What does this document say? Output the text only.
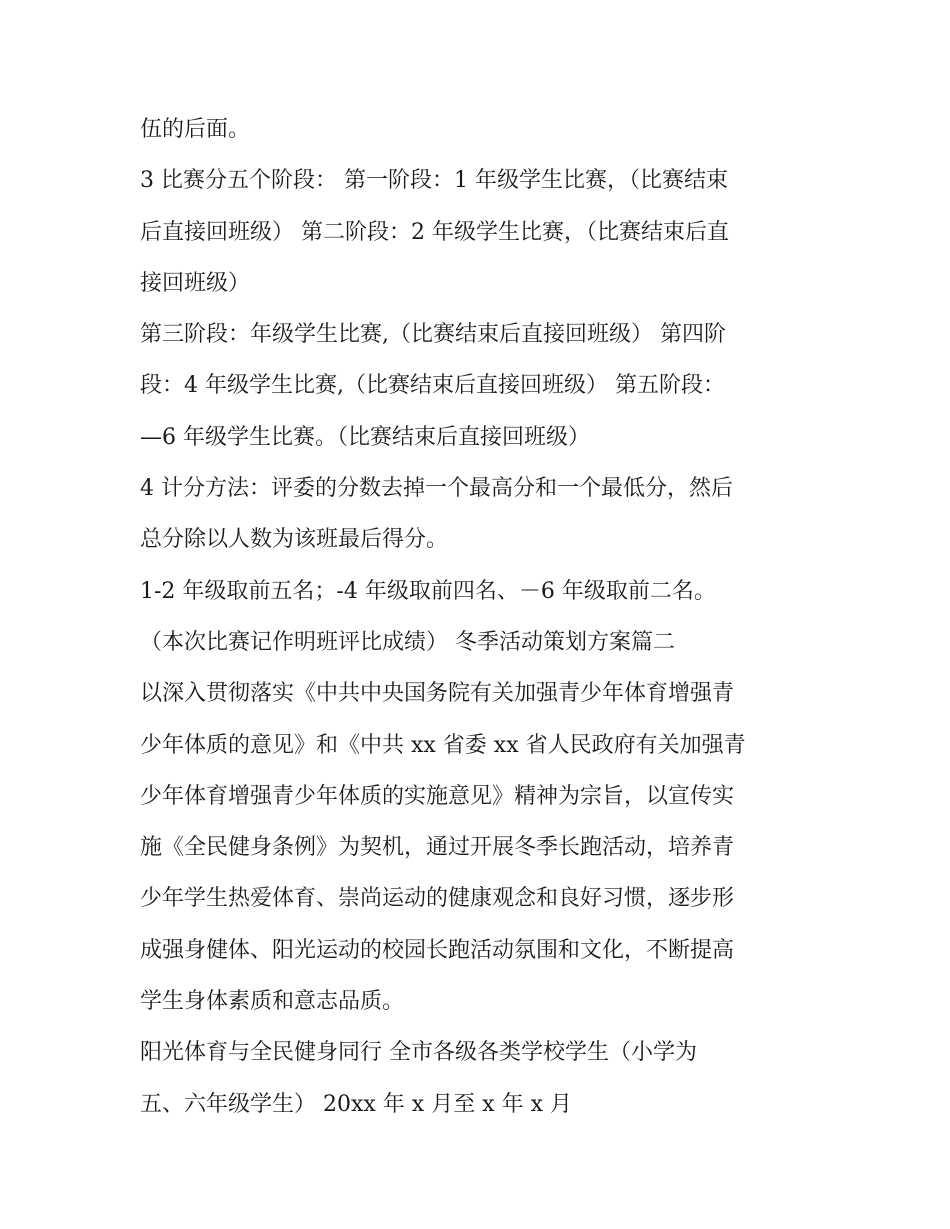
伍的后面。
3 比赛分五个阶段： 第一阶段：1 年级学生比赛，（比赛结束
后直接回班级） 第二阶段：2 年级学生比赛，（比赛结束后直
接回班级）
第三阶段：年级学生比赛,（比赛结束后直接回班级） 第四阶
段：4 年级学生比赛,（比赛结束后直接回班级） 第五阶段：
—6 年级学生比赛。（比赛结束后直接回班级）
4 计分方法：评委的分数去掉一个最高分和一个最低分，然后
总分除以人数为该班最后得分。
1-2 年级取前五名；-4 年级取前四名、－6 年级取前二名。
（本次比赛记作明班评比成绩） 冬季活动策划方案篇二
以深入贯彻落实《中共中央国务院有关加强青少年体育增强青
少年体质的意见》和《中共 xx 省委 xx 省人民政府有关加强青
少年体育增强青少年体质的实施意见》精神为宗旨，以宣传实
施《全民健身条例》为契机，通过开展冬季长跑活动，培养青
少年学生热爱体育、崇尚运动的健康观念和良好习惯，逐步形
成强身健体、阳光运动的校园长跑活动氛围和文化，不断提高
学生身体素质和意志品质。
阳光体育与全民健身同行 全市各级各类学校学生（小学为
五、六年级学生） 20xx 年 x 月至 x 年 x 月
